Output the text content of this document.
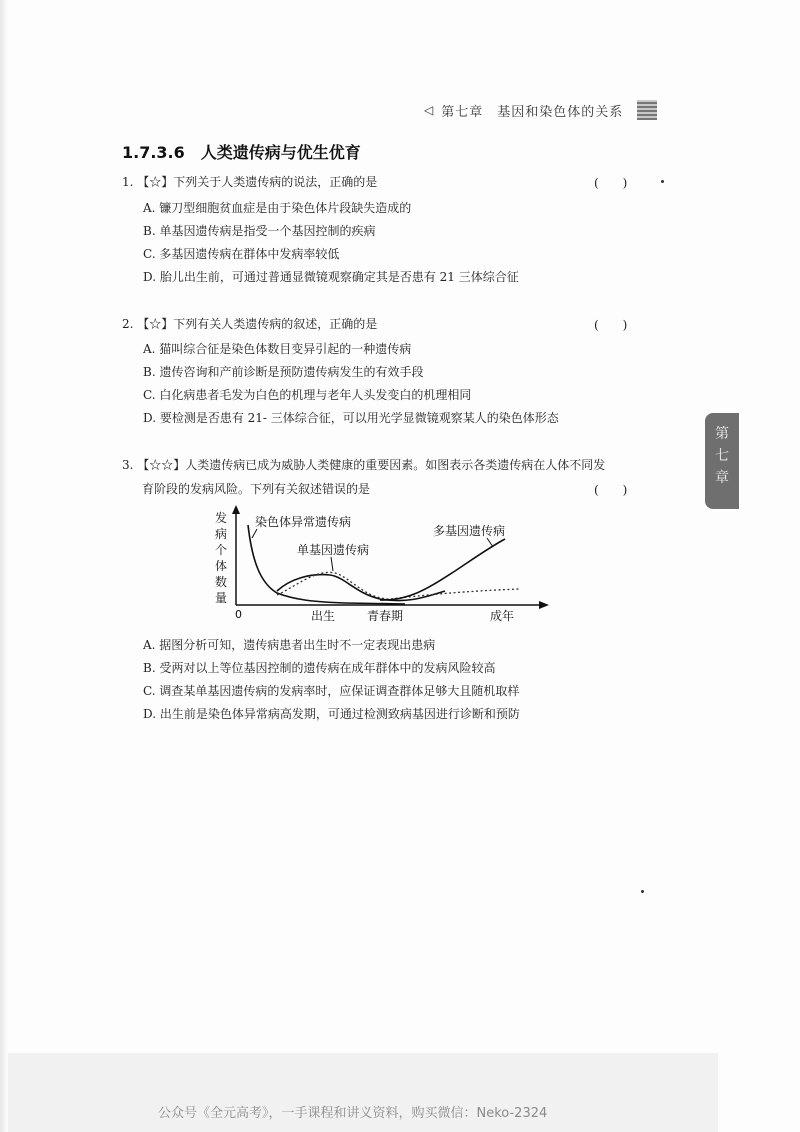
◁ 第七章　基因和染色体的关系
1.7.3.6　人类遗传病与优生优育
1. 【☆】下列关于人类遗传病的说法，正确的是	(　　)
A. 镰刀型细胞贫血症是由于染色体片段缺失造成的
B. 单基因遗传病是指受一个基因控制的疾病
C. 多基因遗传病在群体中发病率较低
D. 胎儿出生前，可通过普通显微镜观察确定其是否患有 21 三体综合征
2. 【☆】下列有关人类遗传病的叙述，正确的是	(　　)
A. 猫叫综合征是染色体数目变异引起的一种遗传病
B. 遗传咨询和产前诊断是预防遗传病发生的有效手段
C. 白化病患者毛发为白色的机理与老年人头发变白的机理相同
D. 要检测是否患有 21- 三体综合征，可以用光学显微镜观察某人的染色体形态
3. 【☆☆】人类遗传病已成为威胁人类健康的重要因素。如图表示各类遗传病在人体不同发
育阶段的发病风险。下列有关叙述错误的是	(　　)
发
病
个
体
数
量
0	出生	青春期	成年
染色体异常遗传病
单基因遗传病
多基因遗传病
A. 据图分析可知，遗传病患者出生时不一定表现出患病
B. 受两对以上等位基因控制的遗传病在成年群体中的发病风险较高
C. 调查某单基因遗传病的发病率时，应保证调查群体足够大且随机取样
D. 出生前是染色体异常病高发期，可通过检测致病基因进行诊断和预防
第
七
章
公众号《全元高考》，一手课程和讲义资料，购买微信：Neko-2324
